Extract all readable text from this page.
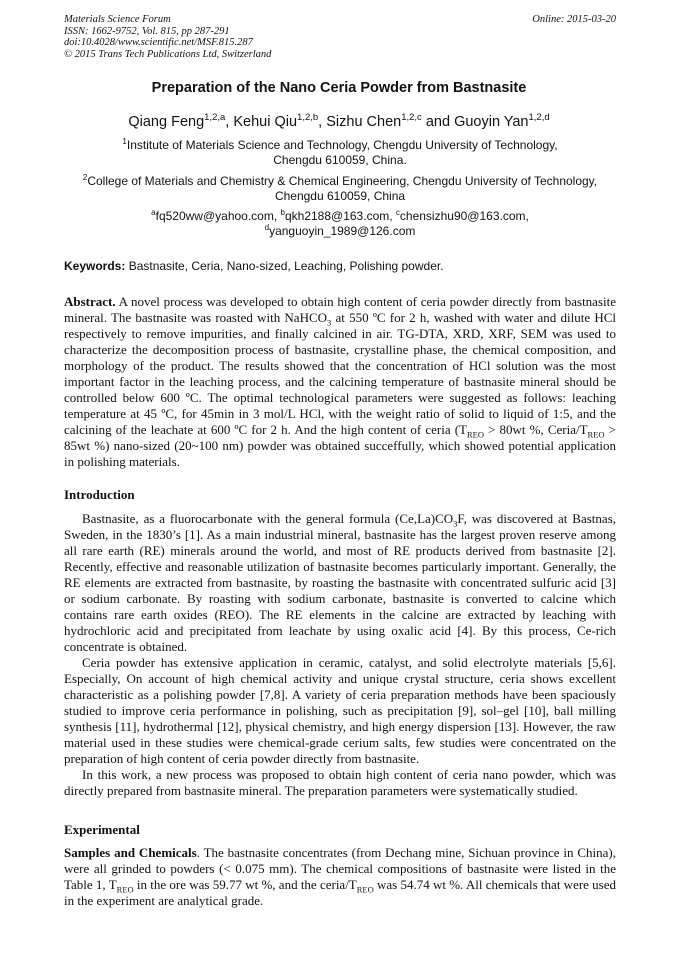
Materials Science Forum
ISSN: 1662-9752, Vol. 815, pp 287-291
doi:10.4028/www.scientific.net/MSF.815.287
© 2015 Trans Tech Publications Ltd, Switzerland
Online: 2015-03-20
Preparation of the Nano Ceria Powder from Bastnasite
Qiang Feng$^{1,2,a}$, Kehui Qiu$^{1,2,b}$, Sizhu Chen$^{1,2,c}$ and Guoyin Yan$^{1,2,d}$
$^1$Institute of Materials Science and Technology, Chengdu University of Technology,
Chengdu 610059, China.
$^2$College of Materials and Chemistry & Chemical Engineering, Chengdu University of Technology,
Chengdu 610059, China
$^a$fq520ww@yahoo.com, $^b$qkh2188@163.com, $^c$chensizhu90@163.com,
$^d$yanguoyin_1989@126.com
Keywords: Bastnasite, Ceria, Nano-sized, Leaching, Polishing powder.
Abstract. A novel process was developed to obtain high content of ceria powder directly from bastnasite mineral. The bastnasite was roasted with NaHCO$_3$ at 550 ºC for 2 h, washed with water and dilute HCl respectively to remove impurities, and finally calcined in air. TG-DTA, XRD, XRF, SEM was used to characterize the decomposition process of bastnasite, crystalline phase, the chemical composition, and morphology of the product. The results showed that the concentration of HCl solution was the most important factor in the leaching process, and the calcining temperature of bastnasite mineral should be controlled below 600 ºC. The optimal technological parameters were suggested as follows: leaching temperature at 45 ºC, for 45min in 3 mol/L HCl, with the weight ratio of solid to liquid of 1:5, and the calcining of the leachate at 600 ºC for 2 h. And the high content of ceria ($T_{REO} > 80wt$ %, Ceria/$T_{REO} > 85wt$ %) nano-sized (20~100 nm) powder was obtained succeffully, which showed potential application in polishing materials.
Introduction
Bastnasite, as a fluorocarbonate with the general formula $(Ce,La)CO_3F$, was discovered at Bastnas, Sweden, in the 1830’s [1]. As a main industrial mineral, bastnasite has the largest proven reserve among all rare earth (RE) minerals around the world, and most of RE products derived from bastnasite [2]. Recently, effective and reasonable utilization of bastnasite becomes particularly important. Generally, the RE elements are extracted from bastnasite, by roasting the bastnasite with concentrated sulfuric acid [3] or sodium carbonate. By roasting with sodium carbonate, bastnasite is converted to calcine which contains rare earth oxides (REO). The RE elements in the calcine are extracted by leaching with hydrochloric acid and precipitated from leachate by using oxalic acid [4]. By this process, Ce-rich concentrate is obtained.
Ceria powder has extensive application in ceramic, catalyst, and solid electrolyte materials [5,6]. Especially, On account of high chemical activity and unique crystal structure, ceria shows excellent characteristic as a polishing powder [7,8]. A variety of ceria preparation methods have been spaciously studied to improve ceria performance in polishing, such as precipitation [9], sol–gel [10], ball milling synthesis [11], hydrothermal [12], physical chemistry, and high energy dispersion [13]. However, the raw material used in these studies were chemical-grade cerium salts, few studies were concentrated on the preparation of high content of ceria powder directly from bastnasite.
In this work, a new process was proposed to obtain high content of ceria nano powder, which was directly prepared from bastnasite mineral. The preparation parameters were systematically studied.
Experimental
Samples and Chemicals. The bastnasite concentrates (from Dechang mine, Sichuan province in China), were all grinded to powders (< 0.075 mm). The chemical compositions of bastnasite were listed in the Table 1, $T_{REO}$ in the ore was 59.77 wt %, and the ceria/$T_{REO}$ was 54.74 wt %. All chemicals that were used in the experiment are analytical grade.
